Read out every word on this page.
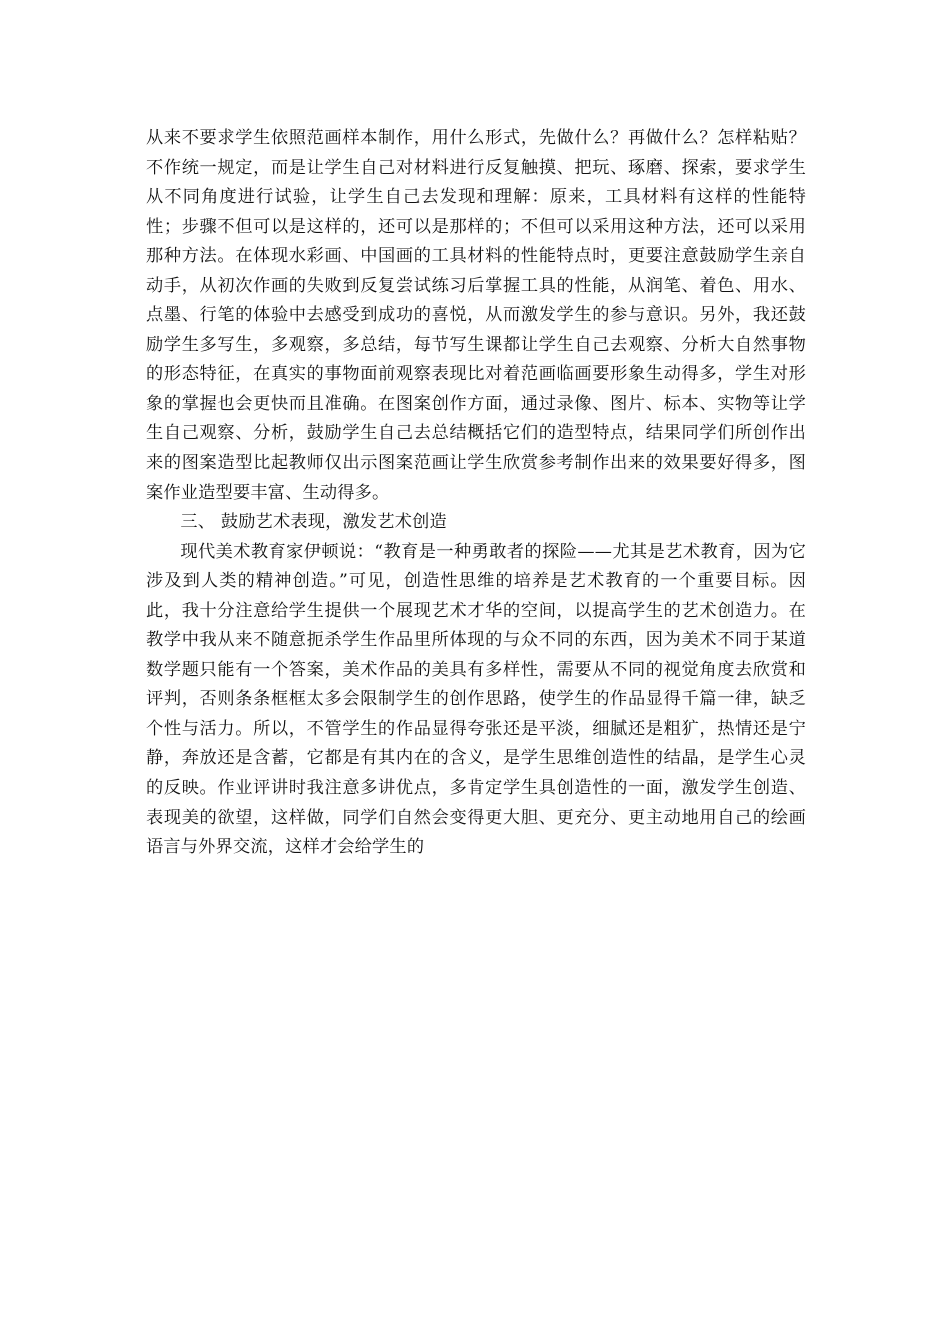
从来不要求学生依照范画样本制作，用什么形式，先做什么？再做什么？怎样粘贴？不作统一规定，而是让学生自己对材料进行反复触摸、把玩、琢磨、探索，要求学生从不同角度进行试验，让学生自己去发现和理解：原来，工具材料有这样的性能特性；步骤不但可以是这样的，还可以是那样的；不但可以采用这种方法，还可以采用那种方法。在体现水彩画、中国画的工具材料的性能特点时，更要注意鼓励学生亲自动手，从初次作画的失败到反复尝试练习后掌握工具的性能，从润笔、着色、用水、点墨、行笔的体验中去感受到成功的喜悦，从而激发学生的参与意识。另外，我还鼓励学生多写生，多观察，多总结，每节写生课都让学生自己去观察、分析大自然事物的形态特征，在真实的事物面前观察表现比对着范画临画要形象生动得多，学生对形象的掌握也会更快而且准确。在图案创作方面，通过录像、图片、标本、实物等让学生自己观察、分析，鼓励学生自己去总结概括它们的造型特点，结果同学们所创作出来的图案造型比起教师仅出示图案范画让学生欣赏参考制作出来的效果要好得多，图案作业造型要丰富、生动得多。

三、 鼓励艺术表现，激发艺术创造

现代美术教育家伊顿说：“教育是一种勇敢者的探险——尤其是艺术教育，因为它涉及到人类的精神创造。”可见，创造性思维的培养是艺术教育的一个重要目标。因此，我十分注意给学生提供一个展现艺术才华的空间，以提高学生的艺术创造力。在教学中我从来不随意扼杀学生作品里所体现的与众不同的东西，因为美术不同于某道数学题只能有一个答案，美术作品的美具有多样性，需要从不同的视觉角度去欣赏和评判，否则条条框框太多会限制学生的创作思路，使学生的作品显得千篇一律，缺乏个性与活力。所以，不管学生的作品显得夸张还是平淡，细腻还是粗犷，热情还是宁静，奔放还是含蓄，它都是有其内在的含义，是学生思维创造性的结晶，是学生心灵的反映。作业评讲时我注意多讲优点，多肯定学生具创造性的一面，激发学生创造、表现美的欲望，这样做，同学们自然会变得更大胆、更充分、更主动地用自己的绘画语言与外界交流，这样才会给学生的
